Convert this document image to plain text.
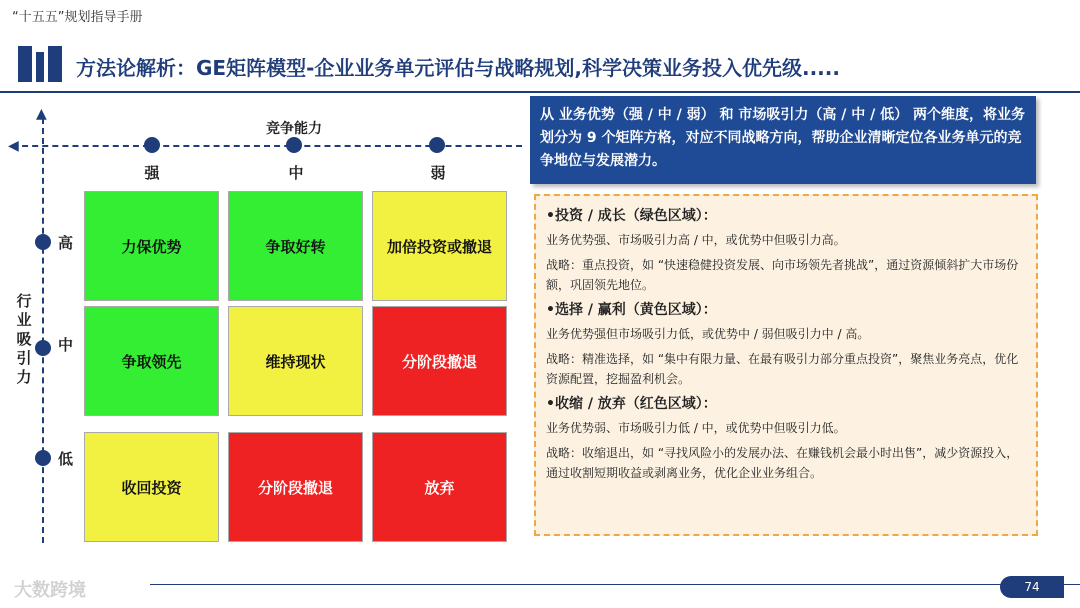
“十五五”规划指导手册
方法论解析：GE矩阵模型-企业业务单元评估与战略规划,科学决策业务投入优先级.....
◀
▲
竞争能力
强	中	弱
高
中
低
行业吸引力
力保优势	争取好转	加倍投资或撤退
争取领先	维持现状	分阶段撤退
收回投资	分阶段撤退	放弃
从 业务优势（强 / 中 / 弱） 和 市场吸引力（高 / 中 / 低） 两个维度，将业务划分为 9 个矩阵方格，对应不同战略方向，帮助企业清晰定位各业务单元的竞争地位与发展潜力。
•投资 / 成长（绿色区域）：
业务优势强、市场吸引力高 / 中，或优势中但吸引力高。
战略：重点投资，如 “快速稳健投资发展、向市场领先者挑战”，通过资源倾斜扩大市场份额，巩固领先地位。
•选择 / 赢利（黄色区域）：
业务优势强但市场吸引力低，或优势中 / 弱但吸引力中 / 高。
战略：精准选择，如 “集中有限力量、在最有吸引力部分重点投资”，聚焦业务亮点，优化资源配置，挖掘盈利机会。
•收缩 / 放弃（红色区域）：
业务优势弱、市场吸引力低 / 中，或优势中但吸引力低。
战略：收缩退出，如 “寻找风险小的发展办法、在赚钱机会最小时出售”，减少资源投入，通过收割短期收益或剥离业务，优化企业业务组合。
大数跨境	74
